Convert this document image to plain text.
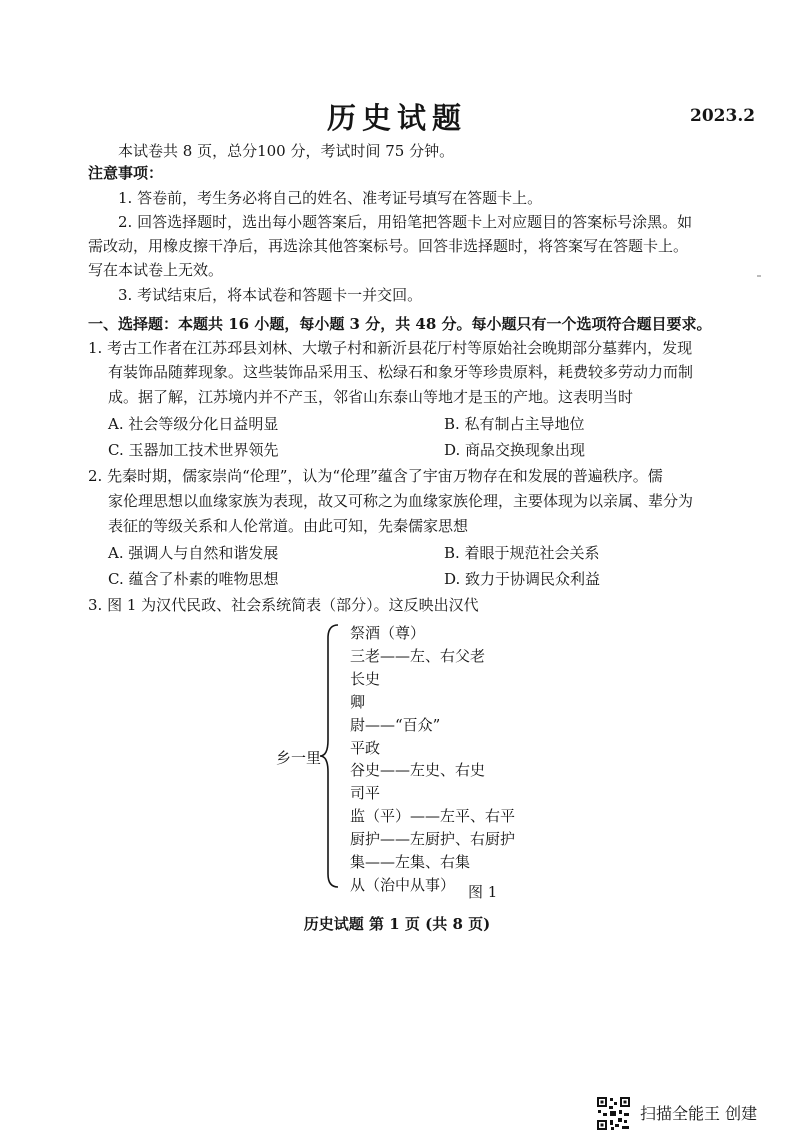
历史试题	2023.2
本试卷共 8 页，总分100 分，考试时间 75 分钟。
注意事项：
1. 答卷前，考生务必将自己的姓名、准考证号填写在答题卡上。
2. 回答选择题时，选出每小题答案后，用铅笔把答题卡上对应题目的答案标号涂黑。如
需改动，用橡皮擦干净后，再选涂其他答案标号。回答非选择题时，将答案写在答题卡上。
写在本试卷上无效。
3. 考试结束后，将本试卷和答题卡一并交回。
一、选择题：本题共 16 小题，每小题 3 分，共 48 分。每小题只有一个选项符合题目要求。
1. 考古工作者在江苏邳县刘林、大墩子村和新沂县花厅村等原始社会晚期部分墓葬内，发现
有装饰品随葬现象。这些装饰品采用玉、松绿石和象牙等珍贵原料，耗费较多劳动力而制
成。据了解，江苏境内并不产玉，邻省山东泰山等地才是玉的产地。这表明当时
A. 社会等级分化日益明显	B. 私有制占主导地位
C. 玉器加工技术世界领先	D. 商品交换现象出现
2. 先秦时期，儒家崇尚“伦理”，认为“伦理”蕴含了宇宙万物存在和发展的普遍秩序。儒
家伦理思想以血缘家族为表现，故又可称之为血缘家族伦理，主要体现为以亲属、辈分为
表征的等级关系和人伦常道。由此可知，先秦儒家思想
A. 强调人与自然和谐发展	B. 着眼于规范社会关系
C. 蕴含了朴素的唯物思想	D. 致力于协调民众利益
3. 图 1 为汉代民政、社会系统简表（部分）。这反映出汉代
乡一里
祭酒（尊）
三老——左、右父老
长史
卿
尉——“百众”
平政
谷史——左史、右史
司平
监（平）——左平、右平
厨护——左厨护、右厨护
集——左集、右集
从（治中从事） 图 1
历史试题 第 1 页 (共 8 页)
扫描全能王 创建
